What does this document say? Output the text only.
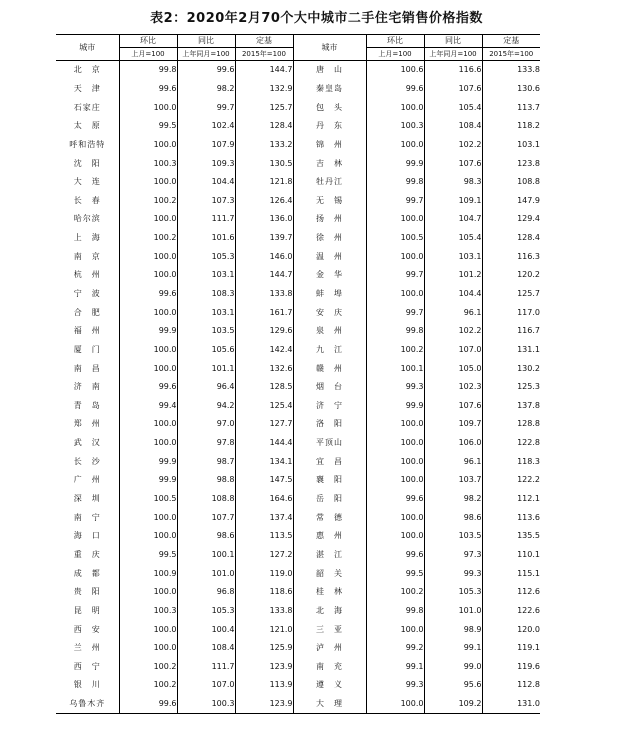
表2：2020年2月70个大中城市二手住宅销售价格指数
城市	环比	同比	定基	城市	环比	同比	定基
	上月=100	上年同月=100	2015年=100		上月=100	上年同月=100	2015年=100
北　京	99.8	99.6	144.7	唐　山	100.6	116.6	133.8
天　津	99.6	98.2	132.9	秦皇岛	99.6	107.6	130.6
石家庄	100.0	99.7	125.7	包　头	100.0	105.4	113.7
太　原	99.5	102.4	128.4	丹　东	100.3	108.4	118.2
呼和浩特	100.0	107.9	133.2	锦　州	100.0	102.2	103.1
沈　阳	100.3	109.3	130.5	吉　林	99.9	107.6	123.8
大　连	100.0	104.4	121.8	牡丹江	99.8	98.3	108.8
长　春	100.2	107.3	126.4	无　锡	99.7	109.1	147.9
哈尔滨	100.0	111.7	136.0	扬　州	100.0	104.7	129.4
上　海	100.2	101.6	139.7	徐　州	100.5	105.4	128.4
南　京	100.0	105.3	146.0	温　州	100.0	103.1	116.3
杭　州	100.0	103.1	144.7	金　华	99.7	101.2	120.2
宁　波	99.6	108.3	133.8	蚌　埠	100.0	104.4	125.7
合　肥	100.0	103.1	161.7	安　庆	99.7	96.1	117.0
福　州	99.9	103.5	129.6	泉　州	99.8	102.2	116.7
厦　门	100.0	105.6	142.4	九　江	100.2	107.0	131.1
南　昌	100.0	101.1	132.6	赣　州	100.1	105.0	130.2
济　南	99.6	96.4	128.5	烟　台	99.3	102.3	125.3
青　岛	99.4	94.2	125.4	济　宁	99.9	107.6	137.8
郑　州	100.0	97.0	127.7	洛　阳	100.0	109.7	128.8
武　汉	100.0	97.8	144.4	平顶山	100.0	106.0	122.8
长　沙	99.9	98.7	134.1	宜　昌	100.0	96.1	118.3
广　州	99.9	98.8	147.5	襄　阳	100.0	103.7	122.2
深　圳	100.5	108.8	164.6	岳　阳	99.6	98.2	112.1
南　宁	100.0	107.7	137.4	常　德	100.0	98.6	113.6
海　口	100.0	98.6	113.5	惠　州	100.0	103.5	135.5
重　庆	99.5	100.1	127.2	湛　江	99.6	97.3	110.1
成　都	100.9	101.0	119.0	韶　关	99.5	99.3	115.1
贵　阳	100.0	96.8	118.6	桂　林	100.2	105.3	112.6
昆　明	100.3	105.3	133.8	北　海	99.8	101.0	122.6
西　安	100.0	100.4	121.0	三　亚	100.0	98.9	120.0
兰　州	100.0	108.4	125.9	泸　州	99.2	99.1	119.1
西　宁	100.2	111.7	123.9	南　充	99.1	99.0	119.6
银　川	100.2	107.0	113.9	遵　义	99.3	95.6	112.8
乌鲁木齐	99.6	100.3	123.9	大　理	100.0	109.2	131.0
